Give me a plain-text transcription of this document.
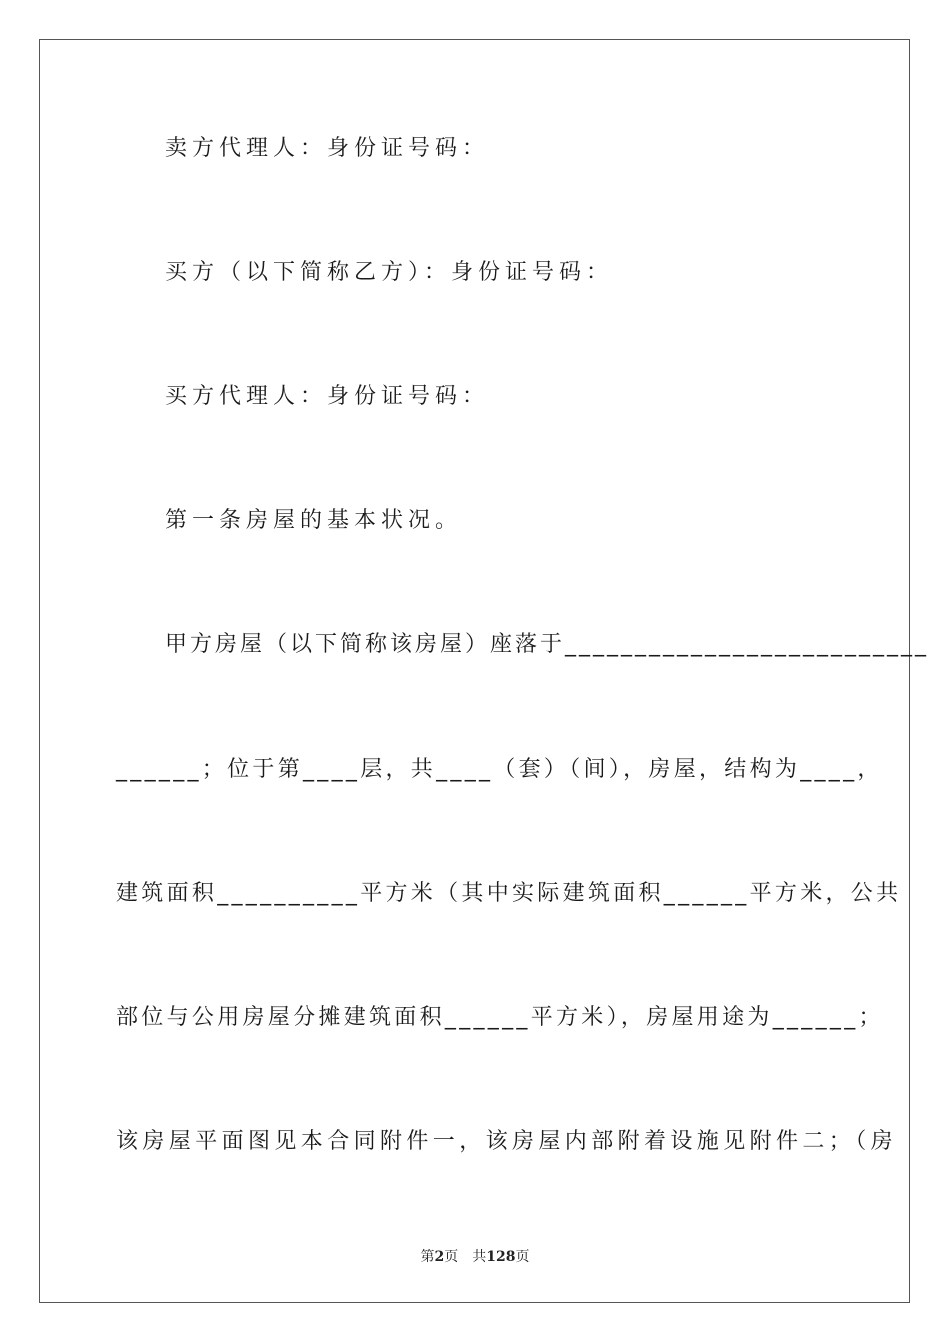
卖方代理人：身份证号码：
买方（以下简称乙方）：身份证号码：
买方代理人：身份证号码：
第一条房屋的基本状况。
甲方房屋（以下简称该房屋）座落于__________________________
______；位于第____层，共____（套）（间），房屋，结构为____，
建筑面积__________平方米（其中实际建筑面积______平方米，公共
部位与公用房屋分摊建筑面积______平方米），房屋用途为______；
该房屋平面图见本合同附件一，该房屋内部附着设施见附件二；（房
第2页　共128页
